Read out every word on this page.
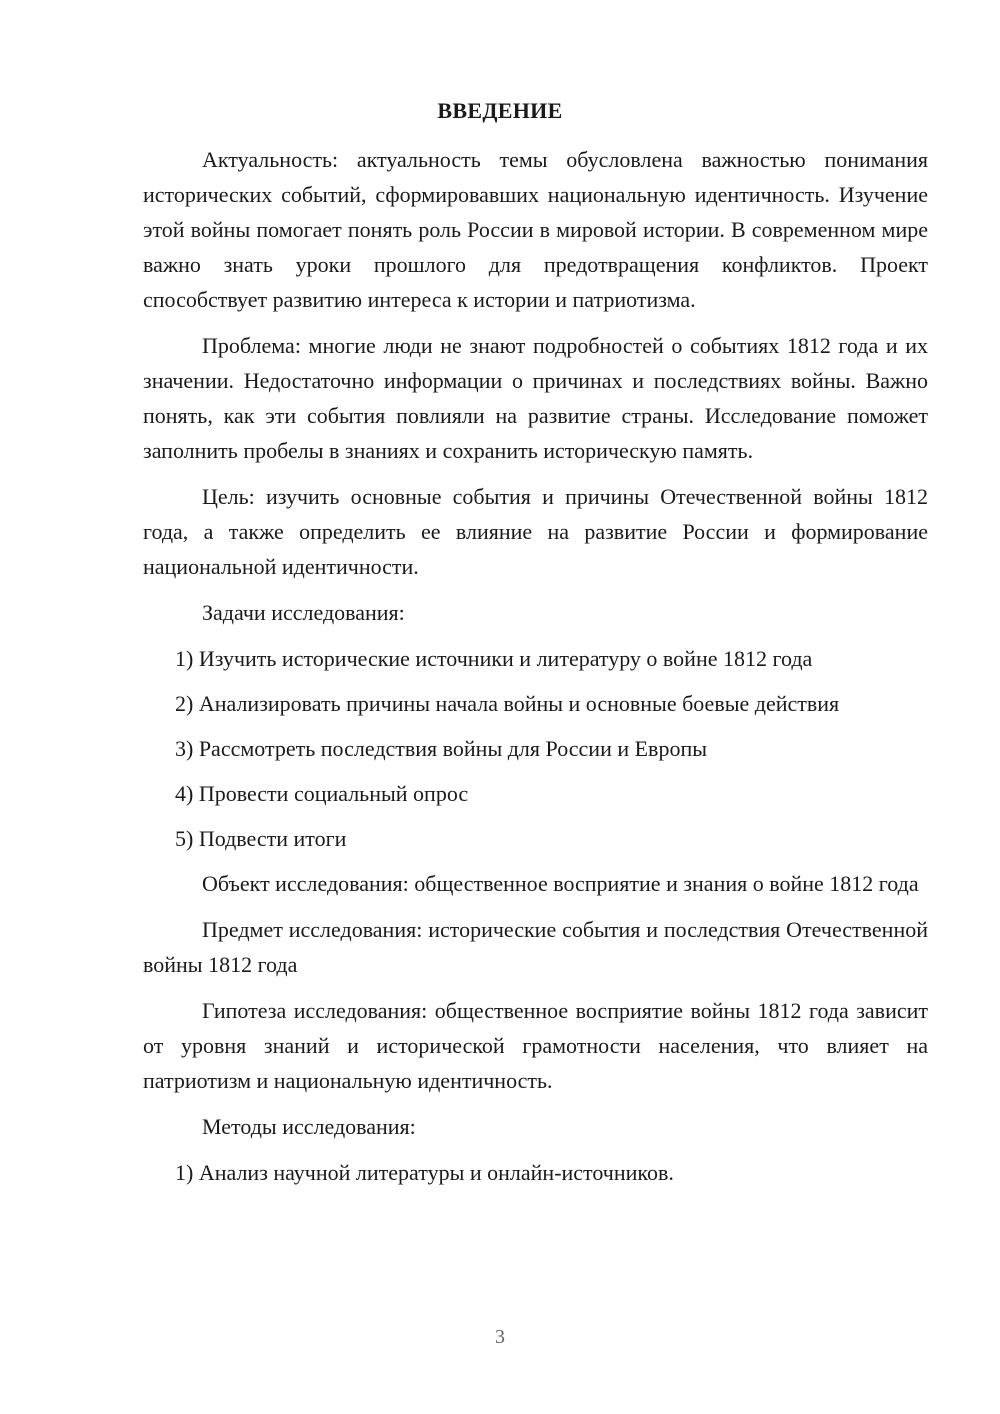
ВВЕДЕНИЕ

Актуальность: актуальность темы обусловлена важностью понимания исторических событий, сформировавших национальную идентичность. Изучение этой войны помогает понять роль России в мировой истории. В современном мире важно знать уроки прошлого для предотвращения конфликтов. Проект способствует развитию интереса к истории и патриотизма.

Проблема: многие люди не знают подробностей о событиях 1812 года и их значении. Недостаточно информации о причинах и последствиях войны. Важно понять, как эти события повлияли на развитие страны. Исследование поможет заполнить пробелы в знаниях и сохранить историческую память.

Цель: изучить основные события и причины Отечественной войны 1812 года, а также определить ее влияние на развитие России и формирование национальной идентичности.

Задачи исследования:

1) Изучить исторические источники и литературу о войне 1812 года

2) Анализировать причины начала войны и основные боевые действия

3) Рассмотреть последствия войны для России и Европы

4) Провести социальный опрос

5) Подвести итоги

Объект исследования: общественное восприятие и знания о войне 1812 года

Предмет исследования: исторические события и последствия Отечественной войны 1812 года

Гипотеза исследования: общественное восприятие войны 1812 года зависит от уровня знаний и исторической грамотности населения, что влияет на патриотизм и национальную идентичность.

Методы исследования:

1) Анализ научной литературы и онлайн-источников.

3
